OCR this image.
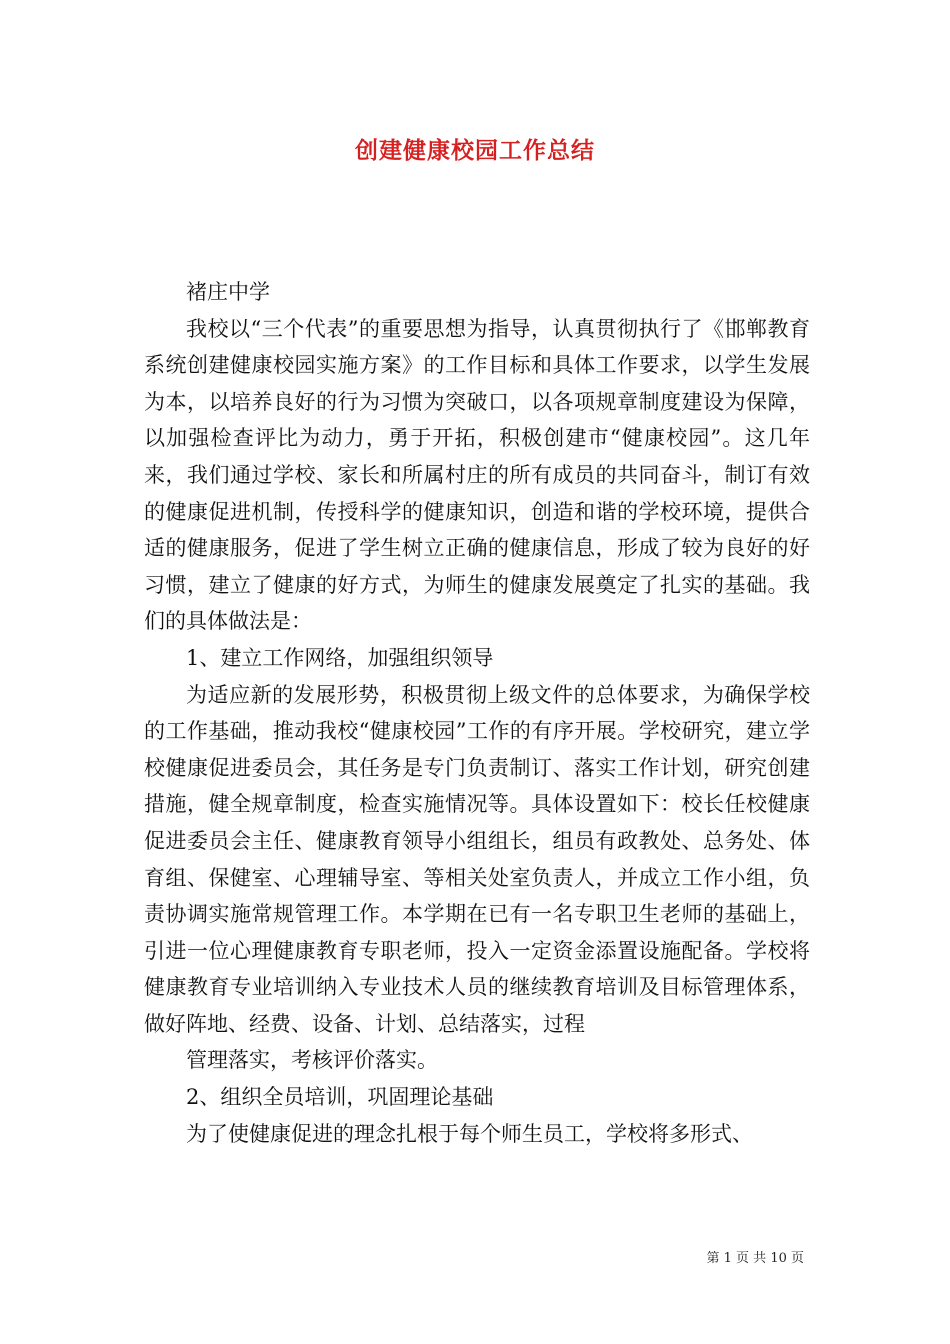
创建健康校园工作总结

褚庄中学

我校以“三个代表”的重要思想为指导，认真贯彻执行了《邯郸教育系统创建健康校园实施方案》的工作目标和具体工作要求，以学生发展为本，以培养良好的行为习惯为突破口，以各项规章制度建设为保障，以加强检查评比为动力，勇于开拓，积极创建市“健康校园”。这几年来，我们通过学校、家长和所属村庄的所有成员的共同奋斗，制订有效的健康促进机制，传授科学的健康知识，创造和谐的学校环境，提供合适的健康服务，促进了学生树立正确的健康信息，形成了较为良好的好习惯，建立了健康的好方式，为师生的健康发展奠定了扎实的基础。我们的具体做法是：

1、建立工作网络，加强组织领导

为适应新的发展形势，积极贯彻上级文件的总体要求，为确保学校的工作基础，推动我校“健康校园”工作的有序开展。学校研究，建立学校健康促进委员会，其任务是专门负责制订、落实工作计划，研究创建措施，健全规章制度，检查实施情况等。具体设置如下：校长任校健康促进委员会主任、健康教育领导小组组长，组员有政教处、总务处、体育组、保健室、心理辅导室、等相关处室负责人，并成立工作小组，负责协调实施常规管理工作。本学期在已有一名专职卫生老师的基础上，引进一位心理健康教育专职老师，投入一定资金添置设施配备。学校将健康教育专业培训纳入专业技术人员的继续教育培训及目标管理体系，做好阵地、经费、设备、计划、总结落实，过程

管理落实，考核评价落实。

2、组织全员培训，巩固理论基础

为了使健康促进的理念扎根于每个师生员工，学校将多形式、

第 1 页 共 10 页
